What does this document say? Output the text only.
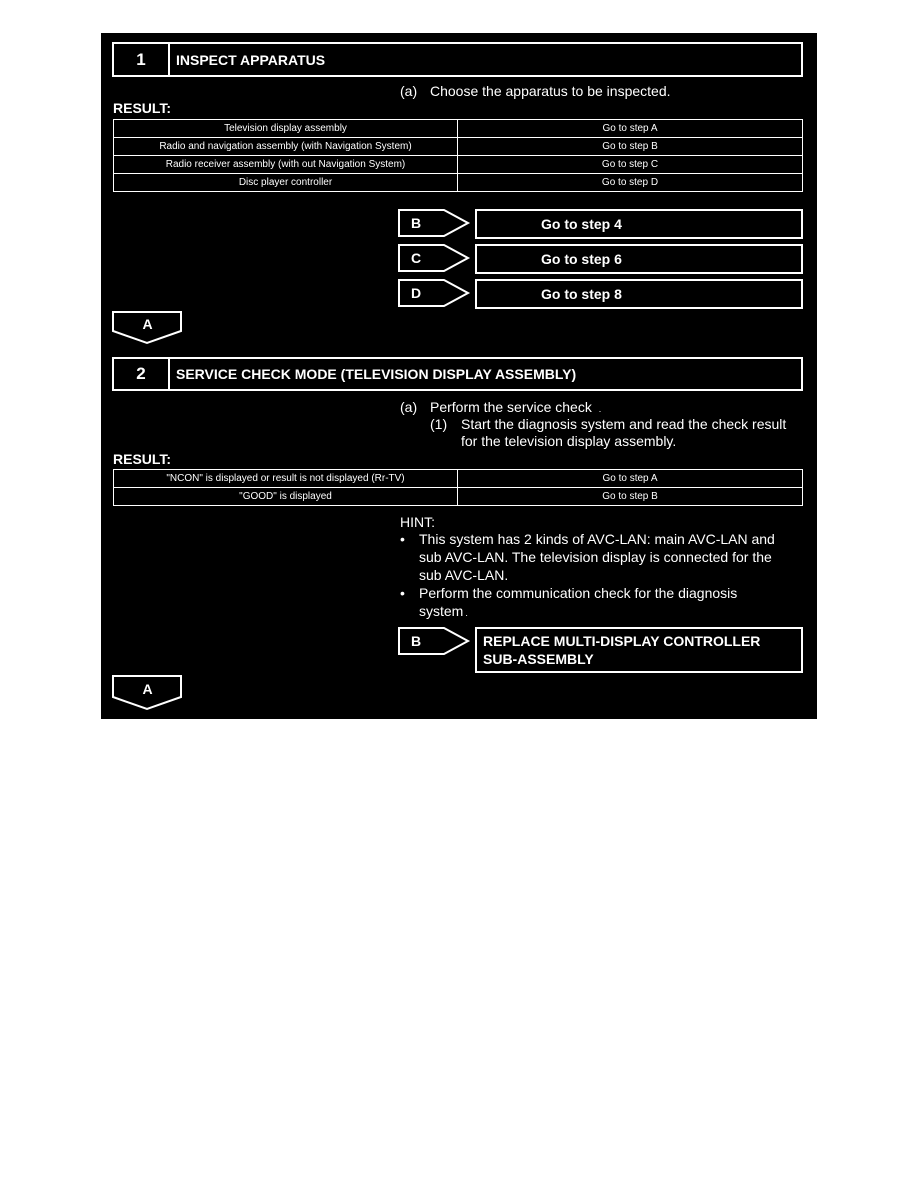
1	INSPECT APPARATUS
(a) Choose the apparatus to be inspected.
RESULT:
Television display assembly	Go to step A
Radio and navigation assembly (with Navigation System)	Go to step B
Radio receiver assembly (with out Navigation System)	Go to step C
Disc player controller	Go to step D
B	Go to step 4
C	Go to step 6
D	Go to step 8
A
2	SERVICE CHECK MODE (TELEVISION DISPLAY ASSEMBLY)
(a) Perform the service check .
(1) Start the diagnosis system and read the check result
for the television display assembly.
RESULT:
"NCON" is displayed or result is not displayed (Rr-TV)	Go to step A
"GOOD" is displayed	Go to step B
HINT:
• This system has 2 kinds of AVC-LAN: main AVC-LAN and
sub AVC-LAN. The television display is connected for the
sub AVC-LAN.
• Perform the communication check for the diagnosis
system .
B	REPLACE MULTI-DISPLAY CONTROLLER
SUB-ASSEMBLY
A
